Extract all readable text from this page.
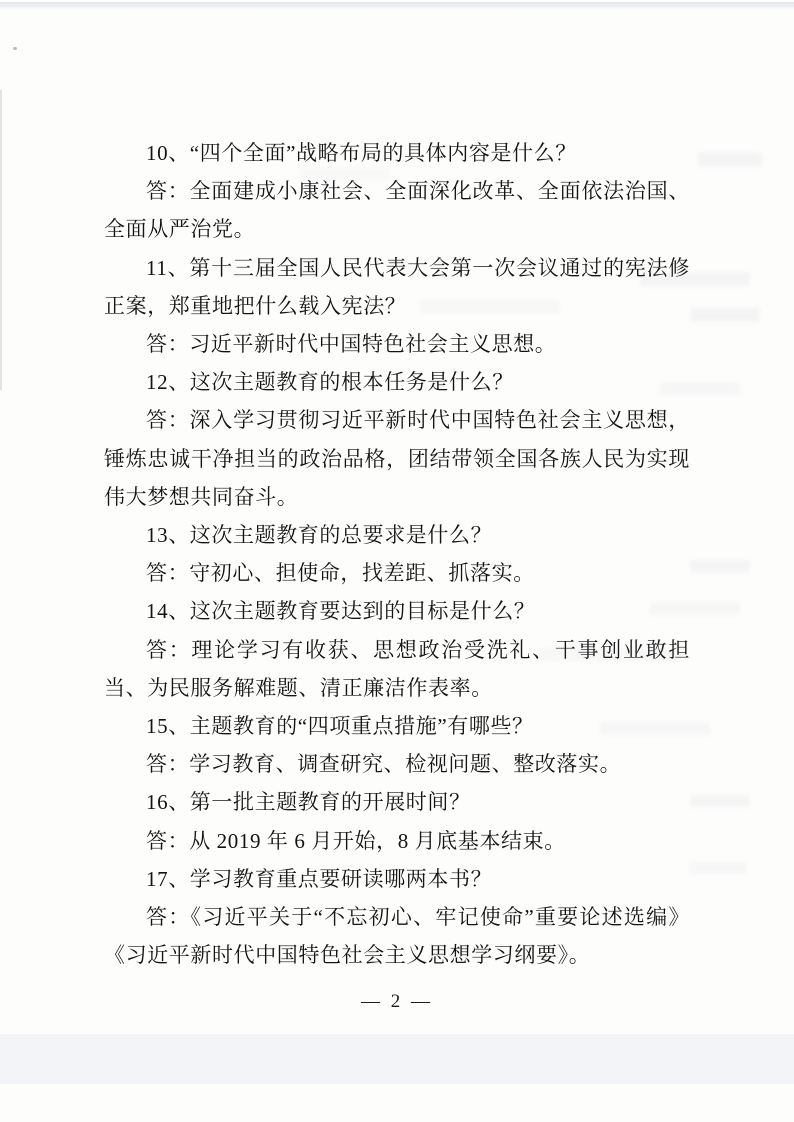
10、“四个全面”战略布局的具体内容是什么？

答：全面建成小康社会、全面深化改革、全面依法治国、全面从严治党。

11、第十三届全国人民代表大会第一次会议通过的宪法修正案，郑重地把什么载入宪法？

答：习近平新时代中国特色社会主义思想。

12、这次主题教育的根本任务是什么？

答：深入学习贯彻习近平新时代中国特色社会主义思想，锤炼忠诚干净担当的政治品格，团结带领全国各族人民为实现伟大梦想共同奋斗。

13、这次主题教育的总要求是什么？

答：守初心、担使命，找差距、抓落实。

14、这次主题教育要达到的目标是什么？

答：理论学习有收获、思想政治受洗礼、干事创业敢担当、为民服务解难题、清正廉洁作表率。

15、主题教育的“四项重点措施”有哪些？

答：学习教育、调查研究、检视问题、整改落实。

16、第一批主题教育的开展时间？

答：从 2019 年 6 月开始，8 月底基本结束。

17、学习教育重点要研读哪两本书？

答：《习近平关于“不忘初心、牢记使命”重要论述选编》《习近平新时代中国特色社会主义思想学习纲要》。

— 2 —
